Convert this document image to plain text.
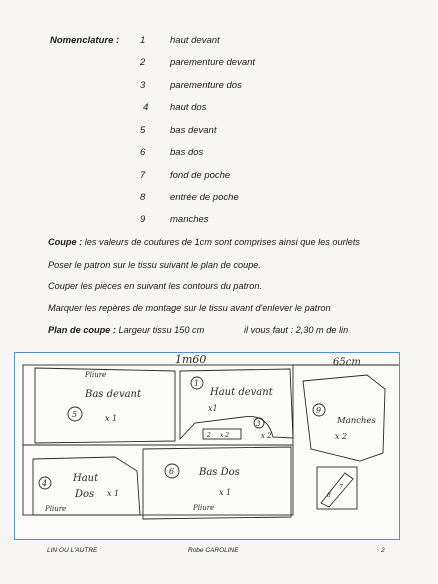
Nomenclature : 1	haut devant
2	parementure devant
3	parementure dos
4 haut dos
5	bas devant
6	bas dos
7	fond de poche
8	entrée de poche
9	manches
Coupe : les valeurs de coutures de 1cm sont comprises ainsi que les ourlets
Poser le patron sur le tissu suivant le plan de coupe.
Couper les pièces en suivant les contours du patron.
Marquer les repères de montage sur le tissu avant d'enlever le patron
Plan de coupe : Largeur tissu 150 cm	il vous faut : 2,30 m de lin
1m60	65cm
Pliure
Bas devant
5	x 1
1
Haut devant
x1
2 x 2
3
x 2
9
Manches
x 2
4	Haut
Dos x 1
Pliure
6 Bas Dos
x 1
Pliure
8
7
LIN OU L'AUTRE	Robe CAROLINE	2
